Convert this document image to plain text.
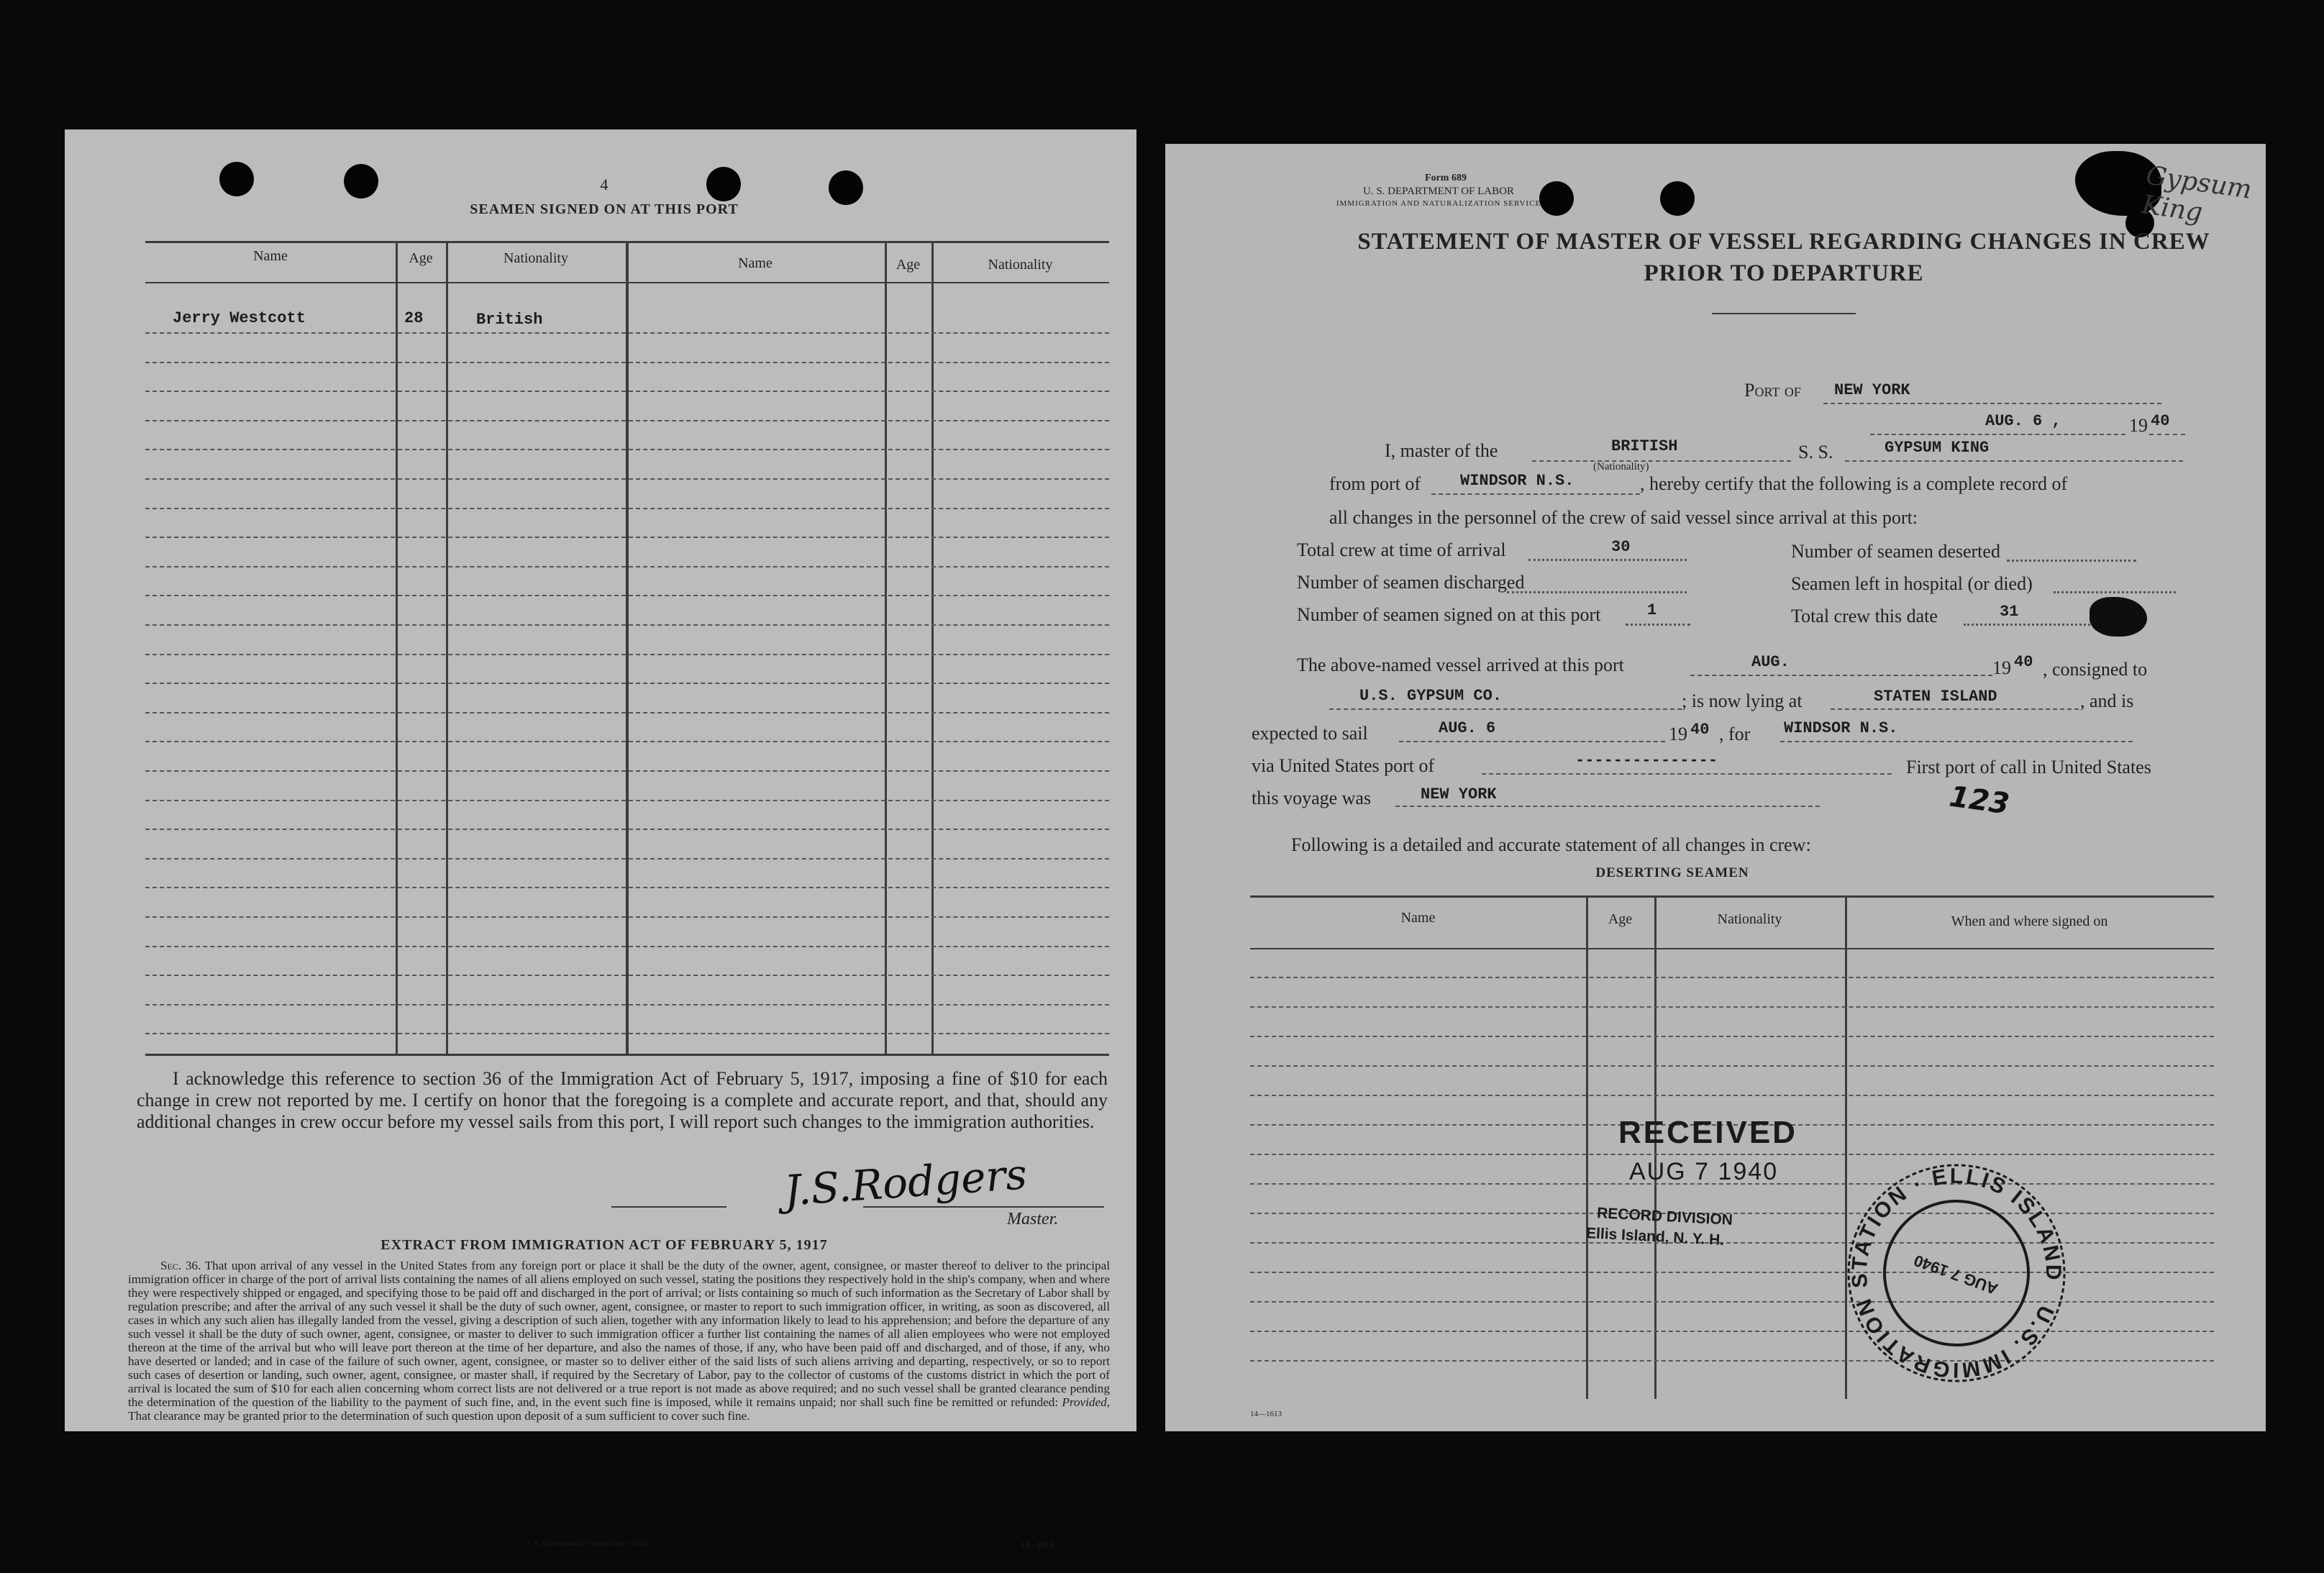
4
SEAMEN SIGNED ON AT THIS PORT
Name	Age	Nationality	Name	Age	Nationality
Jerry Westcott	28	British
I acknowledge this reference to section 36 of the Immigration Act of February 5, 1917, imposing a fine of $10 for each change in crew not reported by me. I certify on honor that the foregoing is a complete and accurate report, and that, should any additional changes in crew occur before my vessel sails from this port, I will report such changes to the immigration authorities.
J.S.Rodgers
Master.
EXTRACT FROM IMMIGRATION ACT OF FEBRUARY 5, 1917
Sec. 36. That upon arrival of any vessel in the United States from any foreign port or place it shall be the duty of the owner, agent, consignee, or master thereof to deliver to the principal immigration officer in charge of the port of arrival lists containing the names of all aliens employed on such vessel, stating the positions they respectively hold in the ship's company, when and where they were respectively shipped or engaged, and specifying those to be paid off and discharged in the port of arrival; or lists containing so much of such information as the Secretary of Labor shall by regulation prescribe; and after the arrival of any such vessel it shall be the duty of such owner, agent, consignee, or master to report to such immigration officer, in writing, as soon as discovered, all cases in which any such alien has illegally landed from the vessel, giving a description of such alien, together with any information likely to lead to his apprehension; and before the departure of any such vessel it shall be the duty of such owner, agent, consignee, or master to deliver to such immigration officer a further list containing the names of all alien employees who were not employed thereon at the time of the arrival but who will leave port thereon at the time of her departure, and also the names of those, if any, who have been paid off and discharged, and of those, if any, who have deserted or landed; and in case of the failure of such owner, agent, consignee, or master so to deliver either of the said lists of such aliens arriving and departing, respectively, or so to report such cases of desertion or landing, such owner, agent, consignee, or master shall, if required by the Secretary of Labor, pay to the collector of customs of the customs district in which the port of arrival is located the sum of $10 for each alien concerning whom correct lists are not delivered or a true report is not made as above required; and no such vessel shall be granted clearance pending the determination of the question of the liability to the payment of such fine, and, in the event such fine is imposed, while it remains unpaid; nor shall such fine be remitted or refunded: Provided, That clearance may be granted prior to the determination of such question upon deposit of a sum sufficient to cover such fine.
U. S. GOVERNMENT PRINTING OFFICE	14—1613
Gypsum King
Form 689
U. S. DEPARTMENT OF LABOR
IMMIGRATION AND NATURALIZATION SERVICE
STATEMENT OF MASTER OF VESSEL REGARDING CHANGES IN CREW
PRIOR TO DEPARTURE
Port of NEW YORK
AUG. 6 ,	19 40
I, master of the	BRITISH
(Nationality)
S. S.	GYPSUM KING
from port of WINDSOR N.S.	, hereby certify that the following is a complete record of
all changes in the personnel of the crew of said vessel since arrival at this port:
Total crew at time of arrival	30	Number of seamen deserted
Number of seamen discharged	Seamen left in hospital (or died)
Number of seamen signed on at this port	1	Total crew this date	31
The above-named vessel arrived at this port	AUG.	19 40 , consigned to
U.S. GYPSUM CO.	; is now lying at	STATEN ISLAND	, and is
expected to sail	AUG. 6	19 40 , for WINDSOR N.S.
via United States port of	---------------	First port of call in United States
this voyage was	NEW YORK	123
Following is a detailed and accurate statement of all changes in crew:
DESERTING SEAMEN
Name	Age	Nationality	When and where signed on
RECEIVED
AUG 7 1940
RECORD DIVISION
Ellis Island, N. Y. H.
U.S. IMMIGRATION STATION · ELLIS ISLAND
AUG 7 1940
14—1613
